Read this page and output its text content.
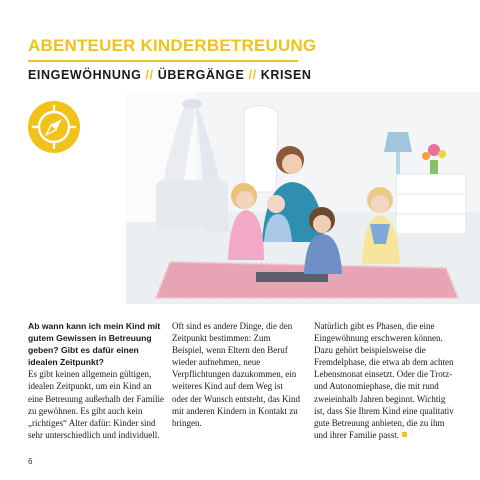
ABENTEUER KINDERBETREUUNG
EINGEWÖHNUNG // ÜBERGÄNGE // KRISEN

Ab wann kann ich mein Kind mit gutem Gewissen in Betreuung geben? Gibt es dafür einen idealen Zeitpunkt?

Es gibt keinen allgemein gültigen, idealen Zeitpunkt, um ein Kind an eine Betreuung außerhalb der Familie zu gewöhnen. Es gibt auch kein „richtiges“ Alter dafür: Kinder sind sehr unterschiedlich und individuell.

Oft sind es andere Dinge, die den Zeitpunkt bestimmen: Zum Beispiel, wenn Eltern den Beruf wieder aufnehmen, neue Verpflichtungen dazukommen, ein weiteres Kind auf dem Weg ist oder der Wunsch entsteht, das Kind mit anderen Kindern in Kontakt zu bringen.

Natürlich gibt es Phasen, die eine Eingewöhnung erschweren können. Dazu gehört beispielsweise die Fremdelphase, die etwa ab dem achten Lebensmonat einsetzt. Oder die Trotz- und Autonomiephase, die mit rund zweieinhalb Jahren beginnt. Wichtig ist, dass Sie Ihrem Kind eine qualitativ gute Betreuung anbieten, die zu ihm und ihrer Familie passt.

6
